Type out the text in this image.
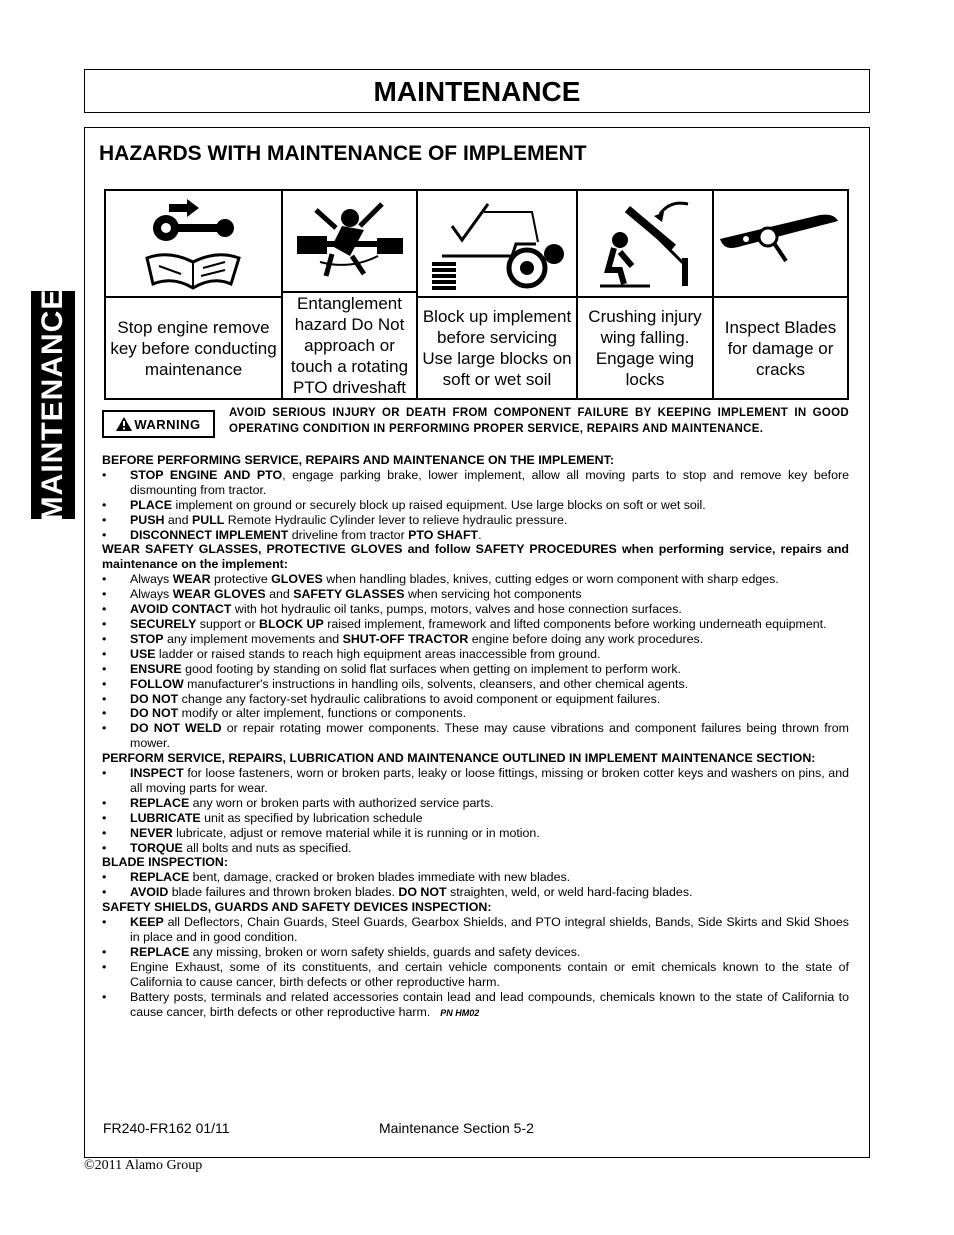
MAINTENANCE
MAINTENANCE
HAZARDS WITH MAINTENANCE OF IMPLEMENT
Stop engine remove key before conducting maintenance
Entanglement hazard Do Not approach or touch a rotating PTO driveshaft
Block up implement before servicing Use large blocks on soft or wet soil
Crushing injury wing falling. Engage wing locks
Inspect Blades for damage or cracks
WARNING
AVOID SERIOUS INJURY OR DEATH FROM COMPONENT FAILURE BY KEEPING IMPLEMENT IN GOOD OPERATING CONDITION IN PERFORMING PROPER SERVICE, REPAIRS AND MAINTENANCE.
BEFORE PERFORMING SERVICE, REPAIRS AND MAINTENANCE ON THE IMPLEMENT:
•	STOP ENGINE AND PTO, engage parking brake, lower implement, allow all moving parts to stop and remove key before dismounting from tractor.
•	PLACE implement on ground or securely block up raised equipment. Use large blocks on soft or wet soil.
•	PUSH and PULL Remote Hydraulic Cylinder lever to relieve hydraulic pressure.
•	DISCONNECT IMPLEMENT driveline from tractor PTO SHAFT.
WEAR SAFETY GLASSES, PROTECTIVE GLOVES and follow SAFETY PROCEDURES when performing service, repairs and maintenance on the implement:
•	Always WEAR protective GLOVES when handling blades, knives, cutting edges or worn component with sharp edges.
•	Always WEAR GLOVES and SAFETY GLASSES when servicing hot components
•	AVOID CONTACT with hot hydraulic oil tanks, pumps, motors, valves and hose connection surfaces.
•	SECURELY support or BLOCK UP raised implement, framework and lifted components before working underneath equipment.
•	STOP any implement movements and SHUT-OFF TRACTOR engine before doing any work procedures.
•	USE ladder or raised stands to reach high equipment areas inaccessible from ground.
•	ENSURE good footing by standing on solid flat surfaces when getting on implement to perform work.
•	FOLLOW manufacturer's instructions in handling oils, solvents, cleansers, and other chemical agents.
•	DO NOT change any factory-set hydraulic calibrations to avoid component or equipment failures.
•	DO NOT modify or alter implement, functions or components.
•	DO NOT WELD or repair rotating mower components. These may cause vibrations and component failures being thrown from mower.
PERFORM SERVICE, REPAIRS, LUBRICATION AND MAINTENANCE OUTLINED IN IMPLEMENT MAINTENANCE SECTION:
•	INSPECT for loose fasteners, worn or broken parts, leaky or loose fittings, missing or broken cotter keys and washers on pins, and all moving parts for wear.
•	REPLACE any worn or broken parts with authorized service parts.
•	LUBRICATE unit as specified by lubrication schedule
•	NEVER lubricate, adjust or remove material while it is running or in motion.
•	TORQUE all bolts and nuts as specified.
BLADE INSPECTION:
•	REPLACE bent, damage, cracked or broken blades immediate with new blades.
•	AVOID blade failures and thrown broken blades. DO NOT straighten, weld, or weld hard-facing blades.
SAFETY SHIELDS, GUARDS AND SAFETY DEVICES INSPECTION:
•	KEEP all Deflectors, Chain Guards, Steel Guards, Gearbox Shields, and PTO integral shields, Bands, Side Skirts and Skid Shoes in place and in good condition.
•	REPLACE any missing, broken or worn safety shields, guards and safety devices.
•	Engine Exhaust, some of its constituents, and certain vehicle components contain or emit chemicals known to the state of California to cause cancer, birth defects or other reproductive harm.
•	Battery posts, terminals and related accessories contain lead and lead compounds, chemicals known to the state of California to cause cancer, birth defects or other reproductive harm. PN HM02
FR240-FR162 01/11	Maintenance Section 5-2
©2011 Alamo Group
